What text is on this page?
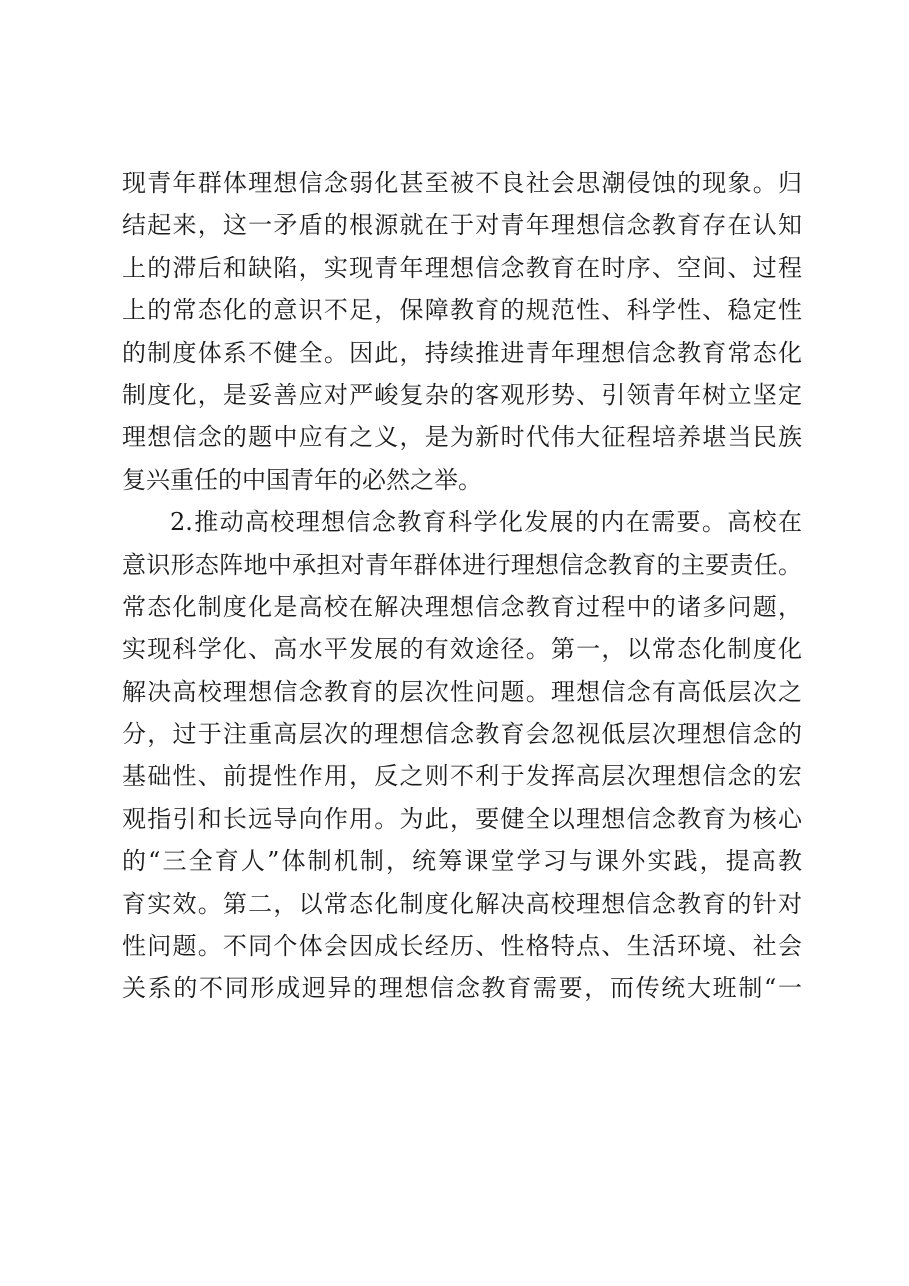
现青年群体理想信念弱化甚至被不良社会思潮侵蚀的现象。归
结起来，这一矛盾的根源就在于对青年理想信念教育存在认知
上的滞后和缺陷，实现青年理想信念教育在时序、空间、过程
上的常态化的意识不足，保障教育的规范性、科学性、稳定性
的制度体系不健全。因此，持续推进青年理想信念教育常态化
制度化，是妥善应对严峻复杂的客观形势、引领青年树立坚定
理想信念的题中应有之义，是为新时代伟大征程培养堪当民族
复兴重任的中国青年的必然之举。
2.推动高校理想信念教育科学化发展的内在需要。高校在
意识形态阵地中承担对青年群体进行理想信念教育的主要责任。
常态化制度化是高校在解决理想信念教育过程中的诸多问题，
实现科学化、高水平发展的有效途径。第一，以常态化制度化
解决高校理想信念教育的层次性问题。理想信念有高低层次之
分，过于注重高层次的理想信念教育会忽视低层次理想信念的
基础性、前提性作用，反之则不利于发挥高层次理想信念的宏
观指引和长远导向作用。为此，要健全以理想信念教育为核心
的“三全育人”体制机制，统筹课堂学习与课外实践，提高教
育实效。第二，以常态化制度化解决高校理想信念教育的针对
性问题。不同个体会因成长经历、性格特点、生活环境、社会
关系的不同形成迥异的理想信念教育需要，而传统大班制“一
